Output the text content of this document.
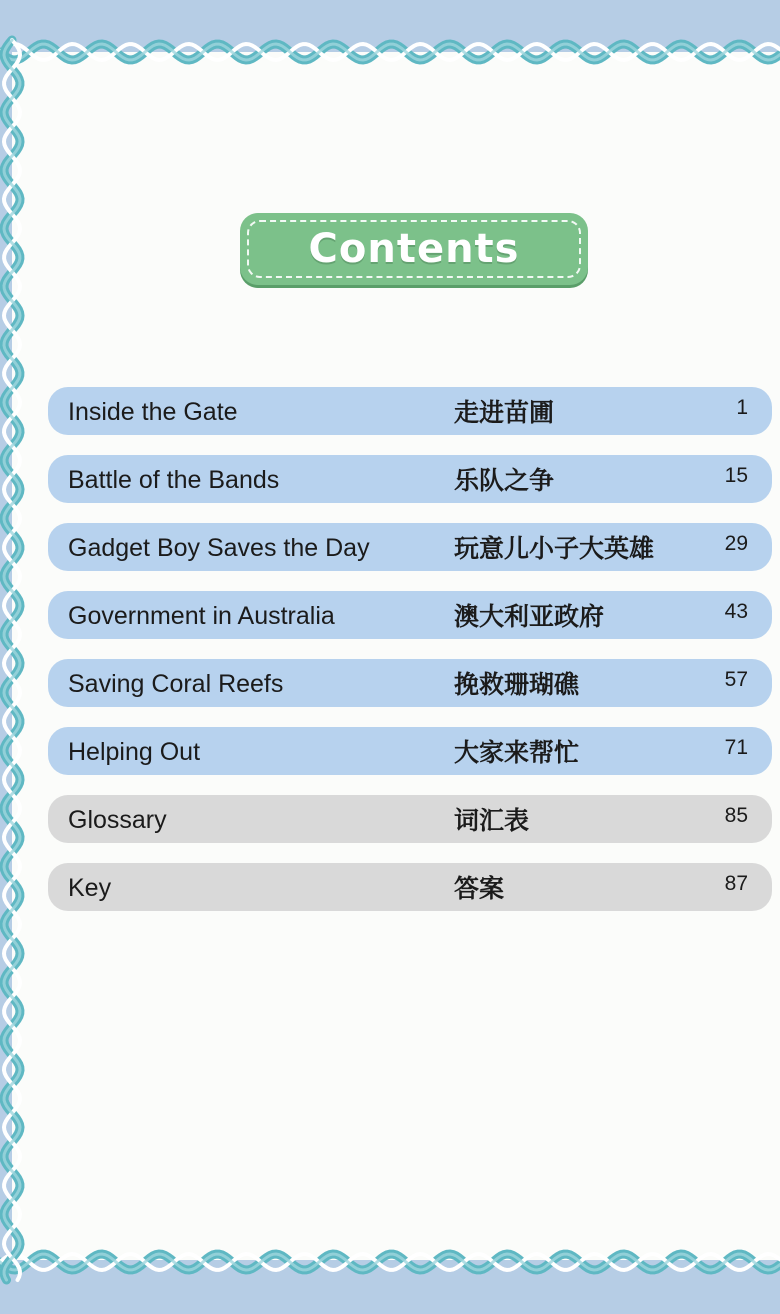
Contents
Inside the Gate	走进苗圃	1
Battle of the Bands	乐队之争	15
Gadget Boy Saves the Day	玩意儿小子大英雄	29
Government in Australia	澳大利亚政府	43
Saving Coral Reefs	挽救珊瑚礁	57
Helping Out	大家来帮忙	71
Glossary	词汇表	85
Key	答案	87
